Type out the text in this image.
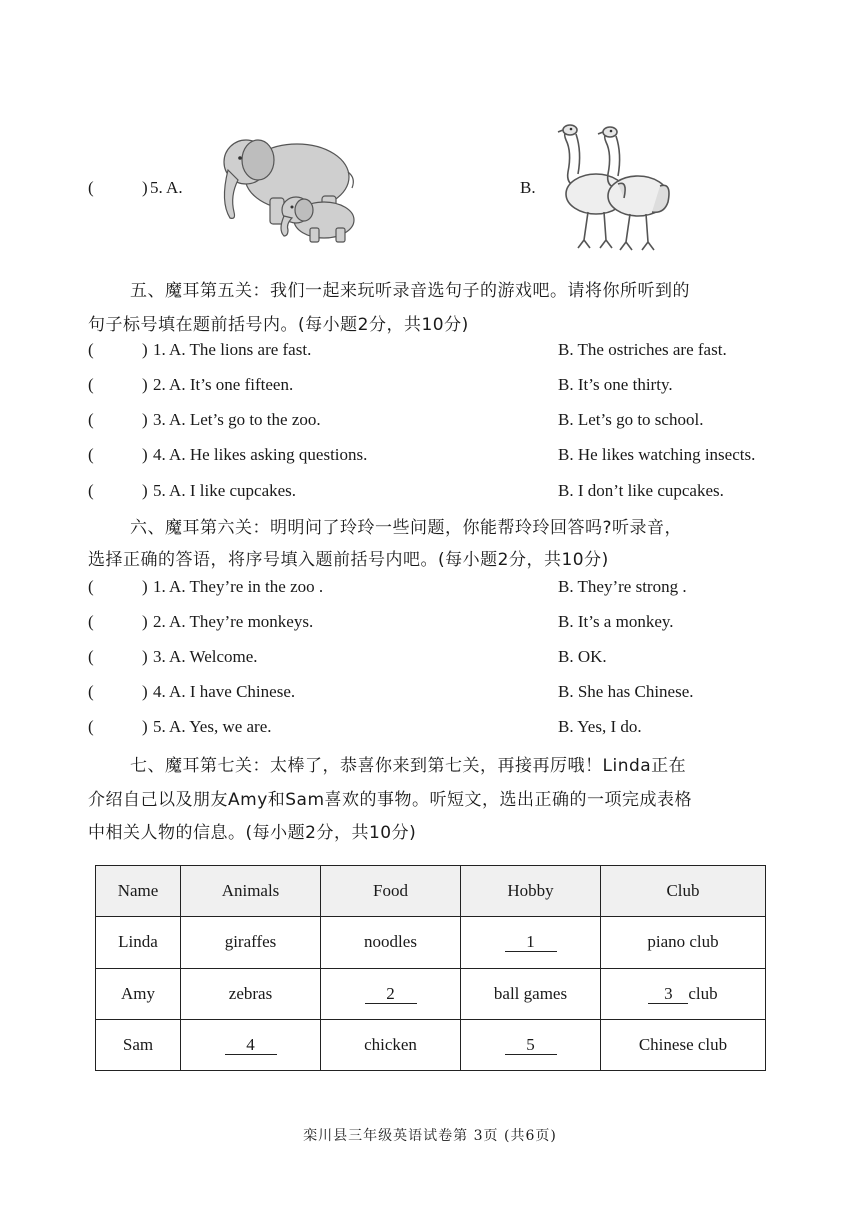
(	) 5. A.	B.
五、魔耳第五关：我们一起来玩听录音选句子的游戏吧。请将你所听到的
句子标号填在题前括号内。(每小题2分，共10分)
(	) 1. A. The lions are fast.	B. The ostriches are fast.
(	) 2. A. It’s one fifteen.	B. It’s one thirty.
(	) 3. A. Let’s go to the zoo.	B. Let’s go to school.
(	) 4. A. He likes asking questions.	B. He likes watching insects.
(	) 5. A. I like cupcakes.	B. I don’t like cupcakes.
六、魔耳第六关：明明问了玲玲一些问题，你能帮玲玲回答吗?听录音，
选择正确的答语，将序号填入题前括号内吧。(每小题2分，共10分)
(	) 1. A. They’re in the zoo .	B. They’re strong .
(	) 2. A. They’re monkeys.	B. It’s a monkey.
(	) 3. A. Welcome.	B. OK.
(	) 4. A. I have Chinese.	B. She has Chinese.
(	) 5. A. Yes, we are.	B. Yes, I do.
七、魔耳第七关：太棒了，恭喜你来到第七关，再接再厉哦！Linda正在
介绍自己以及朋友Amy和Sam喜欢的事物。听短文，选出正确的一项完成表格
中相关人物的信息。(每小题2分，共10分)
Name	Animals	Food	Hobby	Club
Linda	giraffes	noodles	1	piano club
Amy	zebras	2	ball games	3 club
Sam	4	chicken	5	Chinese club
栾川县三年级英语试卷第 3页 (共6页)
